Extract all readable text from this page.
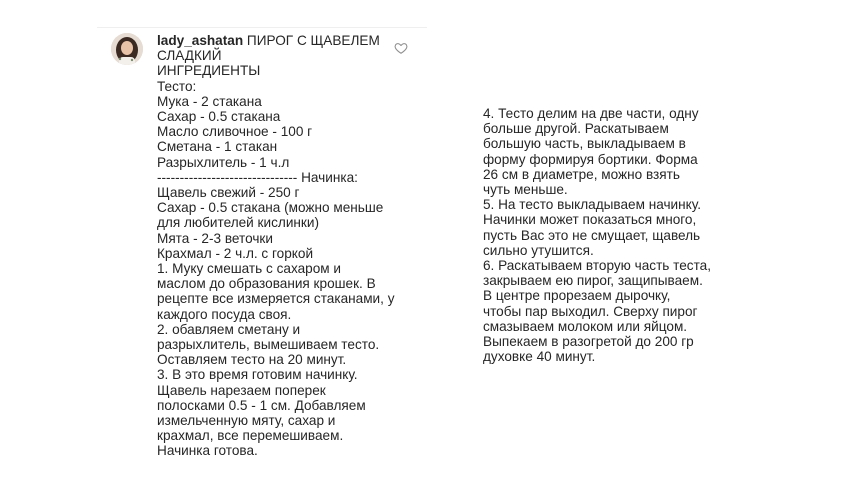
lady_ashatan ПИРОГ С ЩАВЕЛЕМ
СЛАДКИЙ
ИНГРЕДИЕНТЫ
Тесто:
Мука - 2 стакана
Сахар - 0.5 стакана
Масло сливочное - 100 г
Сметана - 1 стакан
Разрыхлитель - 1 ч.л
------------------------------- Начинка:
Щавель свежий - 250 г
Сахар - 0.5 стакана (можно меньше
для любителей кислинки)
Мята - 2-3 веточки
Крахмал - 2 ч.л. с горкой
1. Муку смешать с сахаром и
маслом до образования крошек. В
рецепте все измеряется стаканами, у
каждого посуда своя.
2. обавляем сметану и
разрыхлитель, вымешиваем тесто.
Оставляем тесто на 20 минут.
3. В это время готовим начинку.
Щавель нарезаем поперек
полосками 0.5 - 1 см. Добавляем
измельченную мяту, сахар и
крахмал, все перемешиваем.
Начинка готова.
4. Тесто делим на две части, одну
больше другой. Раскатываем
большую часть, выкладываем в
форму формируя бортики. Форма
26 см в диаметре, можно взять
чуть меньше.
5. На тесто выкладываем начинку.
Начинки может показаться много,
пусть Вас это не смущает, щавель
сильно утушится.
6. Раскатываем вторую часть теста,
закрываем ею пирог, защипываем.
В центре прорезаем дырочку,
чтобы пар выходил. Сверху пирог
смазываем молоком или яйцом.
Выпекаем в разогретой до 200 гр
духовке 40 минут.
